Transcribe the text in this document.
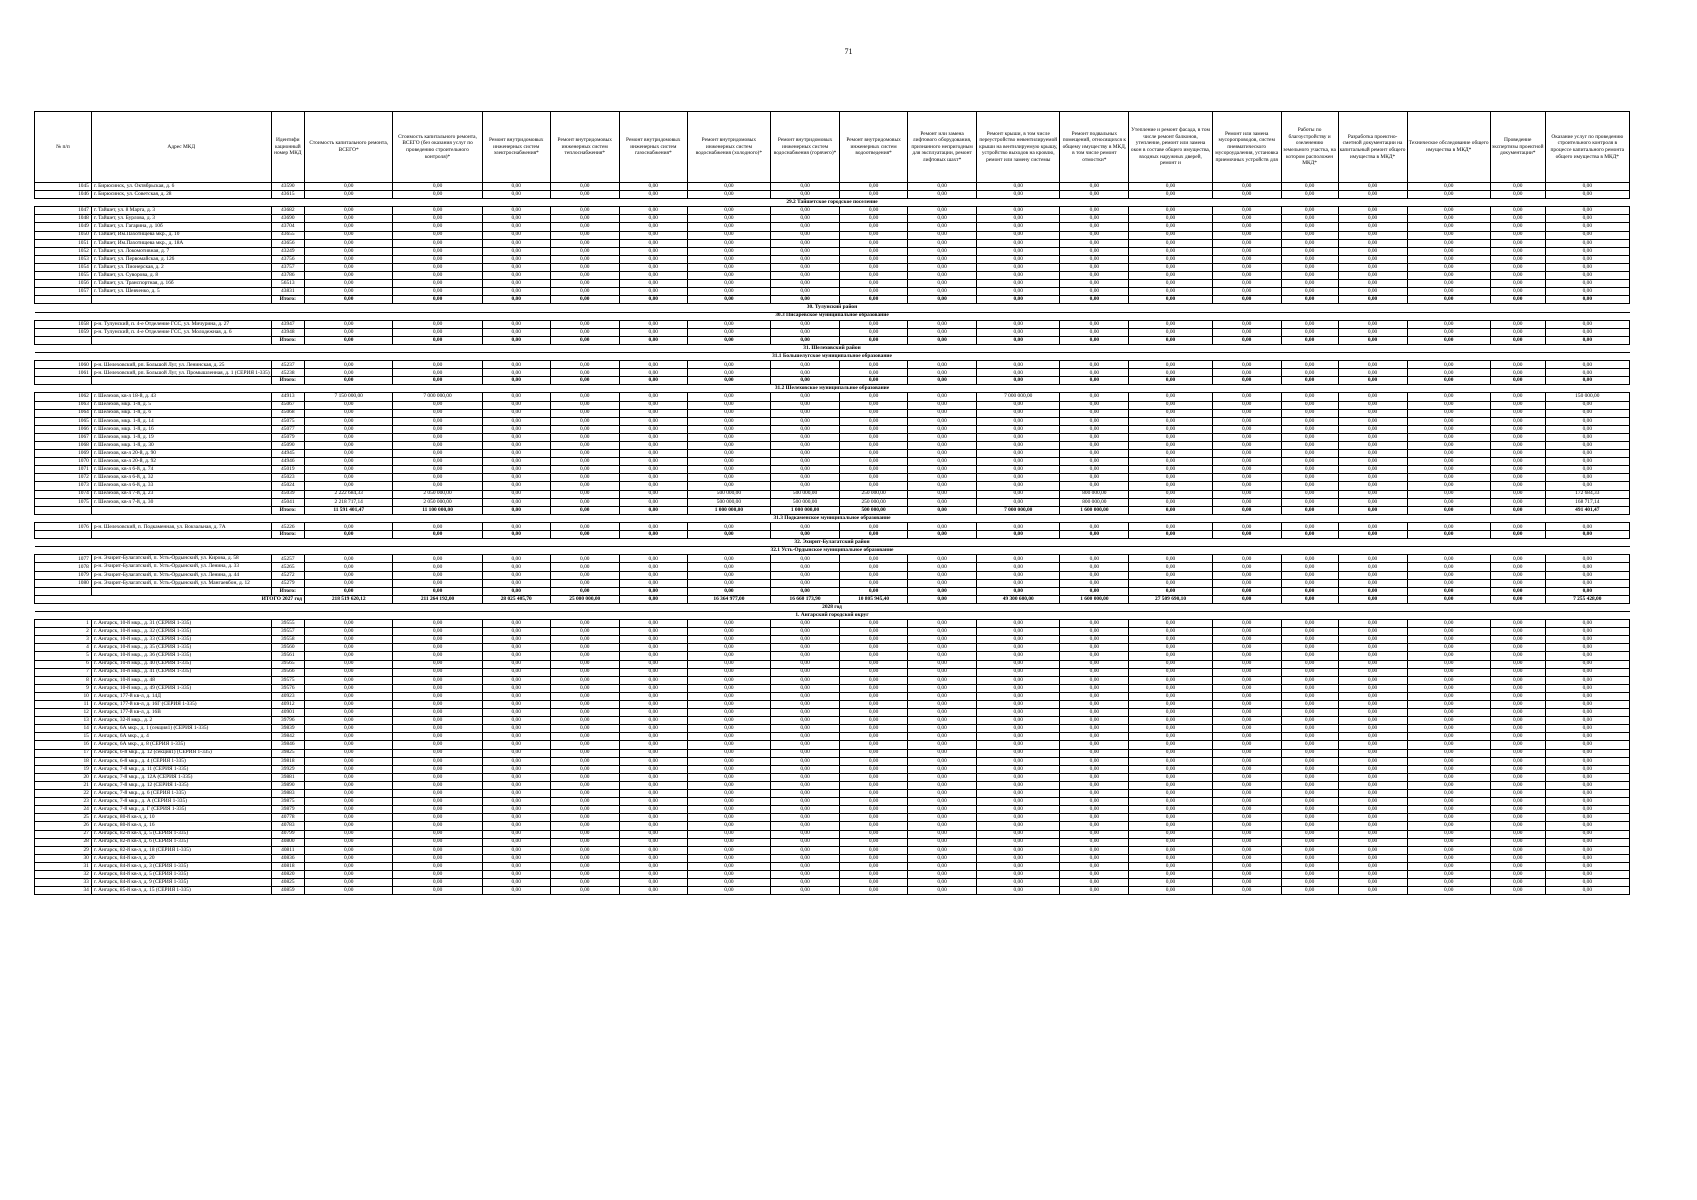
71
№ п/п	Адрес МКД	Идентифи кационный номер МКД	Стоимость капитального ремонта, ВСЕГО*	Стоимость капитального ремонта, ВСЕГО (без оказания услуг по проведению строительного контроля)*	Ремонт внутридомовых инженерных систем электроснабжения*	Ремонт внутридомовых инженерных систем теплоснабжения*	Ремонт внутридомовых инженерных систем газоснабжения*	Ремонт внутридомовых инженерных систем водоснабжения (холодного)*	Ремонт внутридомовых инженерных систем водоснабжения (горячего)*	Ремонт внутридомовых инженерных систем водоотведения*	Ремонт или замена лифтового оборудования, признанного непригодным для эксплуатации, ремонт лифтовых шахт*	Ремонт крыши, в том числе переустройство невентилируемой крыши на вентилируемую крышу, устройство выходов на кровлю, ремонт или замену системы	Ремонт подвальных помещений, относящихся к общему имуществу в МКД, в том числе ремонт отмостки*	Утепление и ремонт фасада, в том числе ремонт балконов, утепление, ремонт или замена окон в составе общего имущества, входных наружных дверей, ремонт и	Ремонт или замена мусоропроводов, систем пневматического мусороудаления, установка приемочных устройств для	Работы по благоустройству и озеленению земельного участка, на котором расположен МКД*	Разработка проектно-сметной документации на капитальный ремонт общего имущества в МКД*	Техническое обследование общего имущества в МКД*	Проведение экспертизы проектной документации*	Оказание услуг по проведению строительного контроля в процессе капитального ремонта общего имущества в МКД*
1045	г. Бирюсинск, ул. Октябрьская, д. 6	43590	0,00	0,00	0,00	0,00	0,00	0,00	0,00	0,00	0,00	0,00	0,00	0,00	0,00	0,00	0,00	0,00	0,00	0,00
1046	г. Бирюсинск, ул. Советская, д. 28	43615	0,00	0,00	0,00	0,00	0,00	0,00	0,00	0,00	0,00	0,00	0,00	0,00	0,00	0,00	0,00	0,00	0,00	0,00
29.2 Тайшетское городское поселение																				
1047	г. Тайшет, ул. 8 Марта, д. 3	43682	0,00	0,00	0,00	0,00	0,00	0,00	0,00	0,00	0,00	0,00	0,00	0,00	0,00	0,00	0,00	0,00	0,00	0,00
1048	г. Тайшет, ул. Бурлова, д. 3	43690	0,00	0,00	0,00	0,00	0,00	0,00	0,00	0,00	0,00	0,00	0,00	0,00	0,00	0,00	0,00	0,00	0,00	0,00
1049	г. Тайшет, ул. Гагарина, д. 10б	43704	0,00	0,00	0,00	0,00	0,00	0,00	0,00	0,00	0,00	0,00	0,00	0,00	0,00	0,00	0,00	0,00	0,00	0,00
1050	г. Тайшет, Им.Пахотищева мкр., д. 10	43655	0,00	0,00	0,00	0,00	0,00	0,00	0,00	0,00	0,00	0,00	0,00	0,00	0,00	0,00	0,00	0,00	0,00	0,00
1051	г. Тайшет, Им.Пахотищева мкр., д. 18А	43656	0,00	0,00	0,00	0,00	0,00	0,00	0,00	0,00	0,00	0,00	0,00	0,00	0,00	0,00	0,00	0,00	0,00	0,00
1052	г. Тайшет, ул. Локомотивная, д. 7	43249	0,00	0,00	0,00	0,00	0,00	0,00	0,00	0,00	0,00	0,00	0,00	0,00	0,00	0,00	0,00	0,00	0,00	0,00
1053	г. Тайшет, ул. Первомайская, д. 126	43756	0,00	0,00	0,00	0,00	0,00	0,00	0,00	0,00	0,00	0,00	0,00	0,00	0,00	0,00	0,00	0,00	0,00	0,00
1054	г. Тайшет, ул. Пионерская, д. 2	43757	0,00	0,00	0,00	0,00	0,00	0,00	0,00	0,00	0,00	0,00	0,00	0,00	0,00	0,00	0,00	0,00	0,00	0,00
1055	г. Тайшет, ул. Суворова, д. 8	43786	0,00	0,00	0,00	0,00	0,00	0,00	0,00	0,00	0,00	0,00	0,00	0,00	0,00	0,00	0,00	0,00	0,00	0,00
1056	г. Тайшет, ул. Транспортная, д. 16б	56513	0,00	0,00	0,00	0,00	0,00	0,00	0,00	0,00	0,00	0,00	0,00	0,00	0,00	0,00	0,00	0,00	0,00	0,00
1057	г. Тайшет, ул. Шевченко, д. 5	43831	0,00	0,00	0,00	0,00	0,00	0,00	0,00	0,00	0,00	0,00	0,00	0,00	0,00	0,00	0,00	0,00	0,00	0,00
		Итого:	0,00	0,00	0,00	0,00	0,00	0,00	0,00	0,00	0,00	0,00	0,00	0,00	0,00	0,00	0,00	0,00	0,00	0,00
30. Тулунский район																				
30.3 Писаревское муниципальное образование																				
1058	р-н. Тулунский, п. 4-е Отделение ГСС, ул. Мичурина, д. 27	43947	0,00	0,00	0,00	0,00	0,00	0,00	0,00	0,00	0,00	0,00	0,00	0,00	0,00	0,00	0,00	0,00	0,00	0,00
1059	р-н. Тулунский, п. 4-е Отделение ГСС, ул. Молодежная, д. 6	43948	0,00	0,00	0,00	0,00	0,00	0,00	0,00	0,00	0,00	0,00	0,00	0,00	0,00	0,00	0,00	0,00	0,00	0,00
		Итого:	0,00	0,00	0,00	0,00	0,00	0,00	0,00	0,00	0,00	0,00	0,00	0,00	0,00	0,00	0,00	0,00	0,00	0,00
31. Шелеховский район																				
31.1 Большелугское муниципальное образование																				
1060	р-н. Шелеховский, рп. Большой Луг, ул. Ленинская, д. 25	45237	0,00	0,00	0,00	0,00	0,00	0,00	0,00	0,00	0,00	0,00	0,00	0,00	0,00	0,00	0,00	0,00	0,00	0,00
1061	р-н. Шелеховский, рп. Большой Луг, ул. Промышленная, д. 1 (СЕРИЯ 1-335)	45238	0,00	0,00	0,00	0,00	0,00	0,00	0,00	0,00	0,00	0,00	0,00	0,00	0,00	0,00	0,00	0,00	0,00	0,00
		Итого:	0,00	0,00	0,00	0,00	0,00	0,00	0,00	0,00	0,00	0,00	0,00	0,00	0,00	0,00	0,00	0,00	0,00	0,00
31.2 Шелеховское муниципальное образование																				
1062	г. Шелехов, кв-л 18-й, д. 43	44913	7 150 000,00	7 000 000,00	0,00	0,00	0,00	0,00	0,00	0,00	0,00	7 000 000,00	0,00	0,00	0,00	0,00	0,00	0,00	0,00	150 000,00
1063	г. Шелехов, мкр. 1-й, д. 5	45067	0,00	0,00	0,00	0,00	0,00	0,00	0,00	0,00	0,00	0,00	0,00	0,00	0,00	0,00	0,00	0,00	0,00	0,00
1064	г. Шелехов, мкр. 1-й, д. 6	45068	0,00	0,00	0,00	0,00	0,00	0,00	0,00	0,00	0,00	0,00	0,00	0,00	0,00	0,00	0,00	0,00	0,00	0,00
1065	г. Шелехов, мкр. 1-й, д. 14	45075	0,00	0,00	0,00	0,00	0,00	0,00	0,00	0,00	0,00	0,00	0,00	0,00	0,00	0,00	0,00	0,00	0,00	0,00
1066	г. Шелехов, мкр. 1-й, д. 16	45077	0,00	0,00	0,00	0,00	0,00	0,00	0,00	0,00	0,00	0,00	0,00	0,00	0,00	0,00	0,00	0,00	0,00	0,00
1067	г. Шелехов, мкр. 1-й, д. 19	45079	0,00	0,00	0,00	0,00	0,00	0,00	0,00	0,00	0,00	0,00	0,00	0,00	0,00	0,00	0,00	0,00	0,00	0,00
1068	г. Шелехов, мкр. 1-й, д. 30	45090	0,00	0,00	0,00	0,00	0,00	0,00	0,00	0,00	0,00	0,00	0,00	0,00	0,00	0,00	0,00	0,00	0,00	0,00
1069	г. Шелехов, кв-л 20-й, д. 90	44945	0,00	0,00	0,00	0,00	0,00	0,00	0,00	0,00	0,00	0,00	0,00	0,00	0,00	0,00	0,00	0,00	0,00	0,00
1070	г. Шелехов, кв-л 20-й, д. 92	44946	0,00	0,00	0,00	0,00	0,00	0,00	0,00	0,00	0,00	0,00	0,00	0,00	0,00	0,00	0,00	0,00	0,00	0,00
1071	г. Шелехов, кв-л 6-й, д. 74	45019	0,00	0,00	0,00	0,00	0,00	0,00	0,00	0,00	0,00	0,00	0,00	0,00	0,00	0,00	0,00	0,00	0,00	0,00
1072	г. Шелехов, кв-л 6-й, д. 32	45023	0,00	0,00	0,00	0,00	0,00	0,00	0,00	0,00	0,00	0,00	0,00	0,00	0,00	0,00	0,00	0,00	0,00	0,00
1073	г. Шелехов, кв-л 6-й, д. 33	45024	0,00	0,00	0,00	0,00	0,00	0,00	0,00	0,00	0,00	0,00	0,00	0,00	0,00	0,00	0,00	0,00	0,00	0,00
1074	г. Шелехов, кв-л 7-й, д. 23	45039	2 222 684,33	2 050 000,00	0,00	0,00	0,00	500 000,00	500 000,00	250 000,00	0,00	0,00	800 000,00	0,00	0,00	0,00	0,00	0,00	0,00	172 684,33
1075	г. Шелехов, кв-л 7-й, д. 30	45041	2 218 717,14	2 050 000,00	0,00	0,00	0,00	500 000,00	500 000,00	250 000,00	0,00	0,00	800 000,00	0,00	0,00	0,00	0,00	0,00	0,00	168 717,14
		Итого:	11 591 401,47	11 100 000,00	0,00	0,00	0,00	1 000 000,00	1 000 000,00	500 000,00	0,00	7 000 000,00	1 600 000,00	0,00	0,00	0,00	0,00	0,00	0,00	491 401,47
31.3 Подкаменское муниципальное образование																				
1076	р-н. Шелеховский, п. Подкаменная, ул. Вокзальная, д. 7А	45226	0,00	0,00	0,00	0,00	0,00	0,00	0,00	0,00	0,00	0,00	0,00	0,00	0,00	0,00	0,00	0,00	0,00	0,00
		Итого:	0,00	0,00	0,00	0,00	0,00	0,00	0,00	0,00	0,00	0,00	0,00	0,00	0,00	0,00	0,00	0,00	0,00	0,00
32. Эхирит-Булагатский район																				
32.1 Усть-Ордынское муниципальное образование																				
1077	р-н. Эхирит-Булагатский, п. Усть-Ордынский, ул. Кирова, д. 58	45257	0,00	0,00	0,00	0,00	0,00	0,00	0,00	0,00	0,00	0,00	0,00	0,00	0,00	0,00	0,00	0,00	0,00	0,00
1078	р-н. Эхирит-Булагатский, п. Усть-Ордынский, ул. Ленина, д. 33	45265	0,00	0,00	0,00	0,00	0,00	0,00	0,00	0,00	0,00	0,00	0,00	0,00	0,00	0,00	0,00	0,00	0,00	0,00
1079	р-н. Эхирит-Булагатский, п. Усть-Ордынский, ул. Ленина, д. 44	45272	0,00	0,00	0,00	0,00	0,00	0,00	0,00	0,00	0,00	0,00	0,00	0,00	0,00	0,00	0,00	0,00	0,00	0,00
1080	р-н. Эхирит-Булагатский, п. Усть-Ордынский, ул. Мангаевбон, д. 12	45279	0,00	0,00	0,00	0,00	0,00	0,00	0,00	0,00	0,00	0,00	0,00	0,00	0,00	0,00	0,00	0,00	0,00	0,00
		Итого:	0,00	0,00	0,00	0,00	0,00	0,00	0,00	0,00	0,00	0,00	0,00	0,00	0,00	0,00	0,00	0,00	0,00	0,00
ИТОГО 2027 год			218 519 620,12	211 264 192,00	28 025 405,70	25 000 000,00	0,00	16 364 977,00	16 660 173,90	10 805 945,40	0,00	49 300 600,00	1 600 000,00	27 509 690,10	0,00	0,00	0,00	0,00	0,00	7 255 428,00
2028 год																				
1. Ангарский городской округ																				
1	г. Ангарск, 10-й мкр., д. 31 (СЕРИЯ 1-335)	39555	0,00	0,00	0,00	0,00	0,00	0,00	0,00	0,00	0,00	0,00	0,00	0,00	0,00	0,00	0,00	0,00	0,00	0,00
2	г. Ангарск, 10-й мкр., д. 32 (СЕРИЯ 1-335)	39557	0,00	0,00	0,00	0,00	0,00	0,00	0,00	0,00	0,00	0,00	0,00	0,00	0,00	0,00	0,00	0,00	0,00	0,00
3	г. Ангарск, 10-й мкр., д. 33 (СЕРИЯ 1-335)	39558	0,00	0,00	0,00	0,00	0,00	0,00	0,00	0,00	0,00	0,00	0,00	0,00	0,00	0,00	0,00	0,00	0,00	0,00
4	г. Ангарск, 10-й мкр., д. 35 (СЕРИЯ 1-335)	39560	0,00	0,00	0,00	0,00	0,00	0,00	0,00	0,00	0,00	0,00	0,00	0,00	0,00	0,00	0,00	0,00	0,00	0,00
5	г. Ангарск, 10-й мкр., д. 36 (СЕРИЯ 1-335)	39561	0,00	0,00	0,00	0,00	0,00	0,00	0,00	0,00	0,00	0,00	0,00	0,00	0,00	0,00	0,00	0,00	0,00	0,00
6	г. Ангарск, 10-й мкр., д. 40 (СЕРИЯ 1-335)	39565	0,00	0,00	0,00	0,00	0,00	0,00	0,00	0,00	0,00	0,00	0,00	0,00	0,00	0,00	0,00	0,00	0,00	0,00
7	г. Ангарск, 10-й мкр., д. 41 (СЕРИЯ 1-335)	39566	0,00	0,00	0,00	0,00	0,00	0,00	0,00	0,00	0,00	0,00	0,00	0,00	0,00	0,00	0,00	0,00	0,00	0,00
8	г. Ангарск, 10-й мкр., д. 48	39575	0,00	0,00	0,00	0,00	0,00	0,00	0,00	0,00	0,00	0,00	0,00	0,00	0,00	0,00	0,00	0,00	0,00	0,00
9	г. Ангарск, 10-й мкр., д. 49 (СЕРИЯ 1-335)	39576	0,00	0,00	0,00	0,00	0,00	0,00	0,00	0,00	0,00	0,00	0,00	0,00	0,00	0,00	0,00	0,00	0,00	0,00
10	г. Ангарск, 177-й кв-л, д. 14Д	40923	0,00	0,00	0,00	0,00	0,00	0,00	0,00	0,00	0,00	0,00	0,00	0,00	0,00	0,00	0,00	0,00	0,00	0,00
11	г. Ангарск, 177-й кв-л, д. 16Г (СЕРИЯ 1-335)	40912	0,00	0,00	0,00	0,00	0,00	0,00	0,00	0,00	0,00	0,00	0,00	0,00	0,00	0,00	0,00	0,00	0,00	0,00
12	г. Ангарск, 177-й кв-л, д. 16В	40901	0,00	0,00	0,00	0,00	0,00	0,00	0,00	0,00	0,00	0,00	0,00	0,00	0,00	0,00	0,00	0,00	0,00	0,00
13	г. Ангарск, 32-й мкр., д. 2	39796	0,00	0,00	0,00	0,00	0,00	0,00	0,00	0,00	0,00	0,00	0,00	0,00	0,00	0,00	0,00	0,00	0,00	0,00
14	г. Ангарск, 6А мкр., д. 1 (секция1) (СЕРИЯ 1-335)	39839	0,00	0,00	0,00	0,00	0,00	0,00	0,00	0,00	0,00	0,00	0,00	0,00	0,00	0,00	0,00	0,00	0,00	0,00
15	г. Ангарск, 6А мкр., д. 4	39842	0,00	0,00	0,00	0,00	0,00	0,00	0,00	0,00	0,00	0,00	0,00	0,00	0,00	0,00	0,00	0,00	0,00	0,00
16	г. Ангарск, 6А мкр., д. 8 (СЕРИЯ 1-335)	39846	0,00	0,00	0,00	0,00	0,00	0,00	0,00	0,00	0,00	0,00	0,00	0,00	0,00	0,00	0,00	0,00	0,00	0,00
17	г. Ангарск, 6-й мкр., д. 12 (секция1) (СЕРИЯ 1-335)	39825	0,00	0,00	0,00	0,00	0,00	0,00	0,00	0,00	0,00	0,00	0,00	0,00	0,00	0,00	0,00	0,00	0,00	0,00
18	г. Ангарск, 6-й мкр., д. 4 (СЕРИЯ 1-335)	39818	0,00	0,00	0,00	0,00	0,00	0,00	0,00	0,00	0,00	0,00	0,00	0,00	0,00	0,00	0,00	0,00	0,00	0,00
19	г. Ангарск, 7-й мкр., д. 11 (СЕРИЯ 1-335)	39929	0,00	0,00	0,00	0,00	0,00	0,00	0,00	0,00	0,00	0,00	0,00	0,00	0,00	0,00	0,00	0,00	0,00	0,00
20	г. Ангарск, 7-й мкр., д. 12А (СЕРИЯ 1-335)	39881	0,00	0,00	0,00	0,00	0,00	0,00	0,00	0,00	0,00	0,00	0,00	0,00	0,00	0,00	0,00	0,00	0,00	0,00
21	г. Ангарск, 7-й мкр., д. 12 (СЕРИЯ 1-335)	39890	0,00	0,00	0,00	0,00	0,00	0,00	0,00	0,00	0,00	0,00	0,00	0,00	0,00	0,00	0,00	0,00	0,00	0,00
22	г. Ангарск, 7-й мкр., д. 6 (СЕРИЯ 1-335)	39883	0,00	0,00	0,00	0,00	0,00	0,00	0,00	0,00	0,00	0,00	0,00	0,00	0,00	0,00	0,00	0,00	0,00	0,00
23	г. Ангарск, 7-й мкр., д. А (СЕРИЯ 1-335)	39875	0,00	0,00	0,00	0,00	0,00	0,00	0,00	0,00	0,00	0,00	0,00	0,00	0,00	0,00	0,00	0,00	0,00	0,00
24	г. Ангарск, 7-й мкр., д. Г (СЕРИЯ 1-335)	39879	0,00	0,00	0,00	0,00	0,00	0,00	0,00	0,00	0,00	0,00	0,00	0,00	0,00	0,00	0,00	0,00	0,00	0,00
25	г. Ангарск, 80-й кв-л, д. 10	40778	0,00	0,00	0,00	0,00	0,00	0,00	0,00	0,00	0,00	0,00	0,00	0,00	0,00	0,00	0,00	0,00	0,00	0,00
26	г. Ангарск, 80-й кв-л, д. 16	40783	0,00	0,00	0,00	0,00	0,00	0,00	0,00	0,00	0,00	0,00	0,00	0,00	0,00	0,00	0,00	0,00	0,00	0,00
27	г. Ангарск, 82-й кв-л, д. 5 (СЕРИЯ 1-335)	40799	0,00	0,00	0,00	0,00	0,00	0,00	0,00	0,00	0,00	0,00	0,00	0,00	0,00	0,00	0,00	0,00	0,00	0,00
28	г. Ангарск, 82-й кв-л, д. 6 (СЕРИЯ 1-335)	40800	0,00	0,00	0,00	0,00	0,00	0,00	0,00	0,00	0,00	0,00	0,00	0,00	0,00	0,00	0,00	0,00	0,00	0,00
29	г. Ангарск, 82-й кв-л, д. 18 (СЕРИЯ 1-335)	40811	0,00	0,00	0,00	0,00	0,00	0,00	0,00	0,00	0,00	0,00	0,00	0,00	0,00	0,00	0,00	0,00	0,00	0,00
30	г. Ангарск, 84-й кв-л, д. 20	40836	0,00	0,00	0,00	0,00	0,00	0,00	0,00	0,00	0,00	0,00	0,00	0,00	0,00	0,00	0,00	0,00	0,00	0,00
31	г. Ангарск, 84-й кв-л, д. 3 (СЕРИЯ 1-335)	40818	0,00	0,00	0,00	0,00	0,00	0,00	0,00	0,00	0,00	0,00	0,00	0,00	0,00	0,00	0,00	0,00	0,00	0,00
32	г. Ангарск, 84-й кв-л, д. 5 (СЕРИЯ 1-335)	40820	0,00	0,00	0,00	0,00	0,00	0,00	0,00	0,00	0,00	0,00	0,00	0,00	0,00	0,00	0,00	0,00	0,00	0,00
33	г. Ангарск, 84-й кв-л, д. 9 (СЕРИЯ 1-335)	40825	0,00	0,00	0,00	0,00	0,00	0,00	0,00	0,00	0,00	0,00	0,00	0,00	0,00	0,00	0,00	0,00	0,00	0,00
34	г. Ангарск, 85-й кв-л, д. 15 (СЕРИЯ 1-335)	40859	0,00	0,00	0,00	0,00	0,00	0,00	0,00	0,00	0,00	0,00	0,00	0,00	0,00	0,00	0,00	0,00	0,00	0,00
